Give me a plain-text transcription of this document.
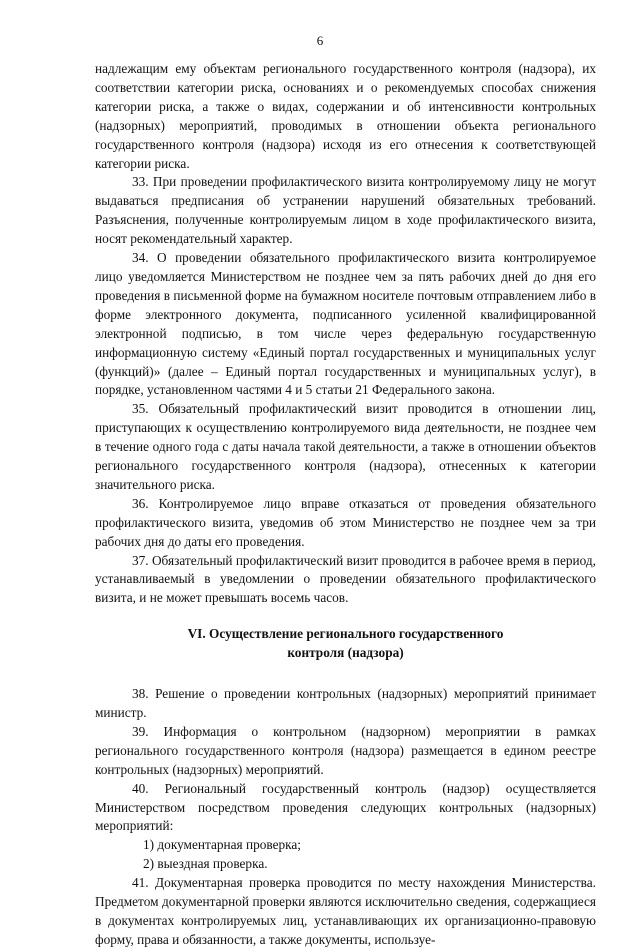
6

надлежащим ему объектам регионального государственного контроля (надзора), их соответствии категории риска, основаниях и о рекомендуемых способах снижения категории риска, а также о видах, содержании и об интенсивности контрольных (надзорных) мероприятий, проводимых в отношении объекта регионального государственного контроля (надзора) исходя из его отнесения к соответствующей категории риска.

33. При проведении профилактического визита контролируемому лицу не могут выдаваться предписания об устранении нарушений обязательных требований. Разъяснения, полученные контролируемым лицом в ходе профилактического визита, носят рекомендательный характер.

34. О проведении обязательного профилактического визита контролируемое лицо уведомляется Министерством не позднее чем за пять рабочих дней до дня его проведения в письменной форме на бумажном носителе почтовым отправлением либо в форме электронного документа, подписанного усиленной квалифицированной электронной подписью, в том числе через федеральную государственную информационную систему «Единый портал государственных и муниципальных услуг (функций)» (далее – Единый портал государственных и муниципальных услуг), в порядке, установленном частями 4 и 5 статьи 21 Федерального закона.

35. Обязательный профилактический визит проводится в отношении лиц, приступающих к осуществлению контролируемого вида деятельности, не позднее чем в течение одного года с даты начала такой деятельности, а также в отношении объектов регионального государственного контроля (надзора), отнесенных к категории значительного риска.

36. Контролируемое лицо вправе отказаться от проведения обязательного профилактического визита, уведомив об этом Министерство не позднее чем за три рабочих дня до даты его проведения.

37. Обязательный профилактический визит проводится в рабочее время в период, устанавливаемый в уведомлении о проведении обязательного профилактического визита, и не может превышать восемь часов.

VI. Осуществление регионального государственного
контроля (надзора)

38. Решение о проведении контрольных (надзорных) мероприятий принимает министр.

39. Информация о контрольном (надзорном) мероприятии в рамках регионального государственного контроля (надзора) размещается в едином реестре контрольных (надзорных) мероприятий.

40. Региональный государственный контроль (надзор) осуществляется Министерством посредством проведения следующих контрольных (надзорных) мероприятий:

1) документарная проверка;

2) выездная проверка.

41. Документарная проверка проводится по месту нахождения Министерства. Предметом документарной проверки являются исключительно сведения, содержащиеся в документах контролируемых лиц, устанавливающих их организационно-правовую форму, права и обязанности, а также документы, используе-
